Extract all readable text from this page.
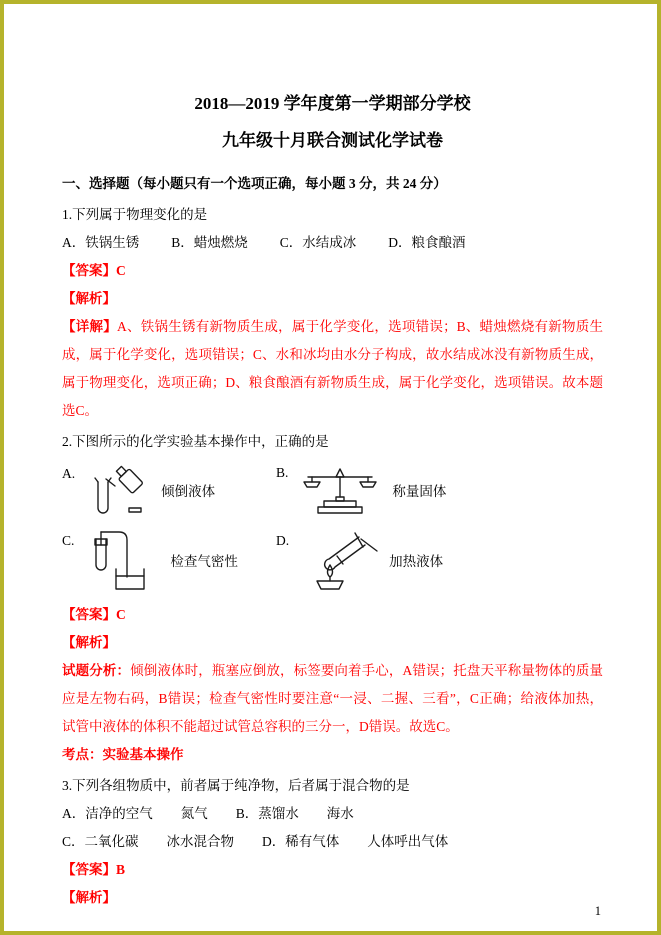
2018—2019 学年度第一学期部分学校
九年级十月联合测试化学试卷
一、选择题（每小题只有一个选项正确，每小题 3 分，共 24 分）
1.下列属于物理变化的是
A．铁锅生锈 B．蜡烛燃烧 C．水结成冰 D．粮食酿酒
【答案】C
【解析】
【详解】A、铁锅生锈有新物质生成，属于化学变化，选项错误；B、蜡烛燃烧有新物质生成，属于化学变化，选项错误；C、水和冰均由水分子构成，故水结成冰没有新物质生成，属于物理变化，选项正确；D、粮食酿酒有新物质生成，属于化学变化，选项错误。故本题选C。
2.下图所示的化学实验基本操作中，正确的是
A.
倾倒液体
B.
称量固体
C.
检查气密性
D.
加热液体
【答案】C
【解析】
试题分析：倾倒液体时，瓶塞应倒放，标签要向着手心，A错误；托盘天平称量物体的质量应是左物右码，B错误；检查气密性时要注意“一浸、二握、三看”，C正确；给液体加热，试管中液体的体积不能超过试管总容积的三分一，D错误。故选C。
考点：实验基本操作
3.下列各组物质中，前者属于纯净物，后者属于混合物的是
A．洁净的空气 氮气 B．蒸馏水 海水
C．二氧化碳 冰水混合物 D．稀有气体 人体呼出气体
【答案】B
【解析】
1
